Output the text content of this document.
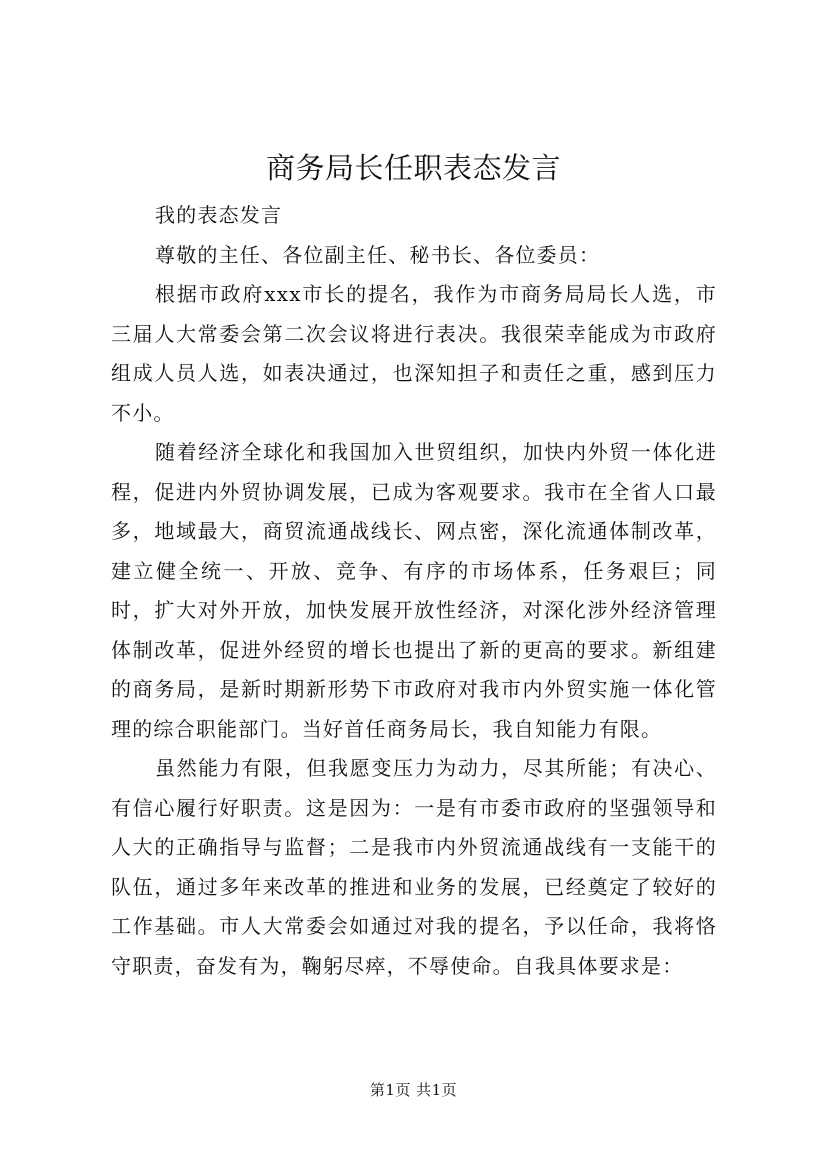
商务局长任职表态发言

我的表态发言

尊敬的主任、各位副主任、秘书长、各位委员：

根据市政府xxx市长的提名，我作为市商务局局长人选，市三届人大常委会第二次会议将进行表决。我很荣幸能成为市政府组成人员人选，如表决通过，也深知担子和责任之重，感到压力不小。

随着经济全球化和我国加入世贸组织，加快内外贸一体化进程，促进内外贸协调发展，已成为客观要求。我市在全省人口最多，地域最大，商贸流通战线长、网点密，深化流通体制改革，建立健全统一、开放、竞争、有序的市场体系，任务艰巨；同时，扩大对外开放，加快发展开放性经济，对深化涉外经济管理体制改革，促进外经贸的增长也提出了新的更高的要求。新组建的商务局，是新时期新形势下市政府对我市内外贸实施一体化管理的综合职能部门。当好首任商务局长，我自知能力有限。

虽然能力有限，但我愿变压力为动力，尽其所能；有决心、有信心履行好职责。这是因为：一是有市委市政府的坚强领导和人大的正确指导与监督；二是我市内外贸流通战线有一支能干的队伍，通过多年来改革的推进和业务的发展，已经奠定了较好的工作基础。市人大常委会如通过对我的提名，予以任命，我将恪守职责，奋发有为，鞠躬尽瘁，不辱使命。自我具体要求是：

第1页 共1页
